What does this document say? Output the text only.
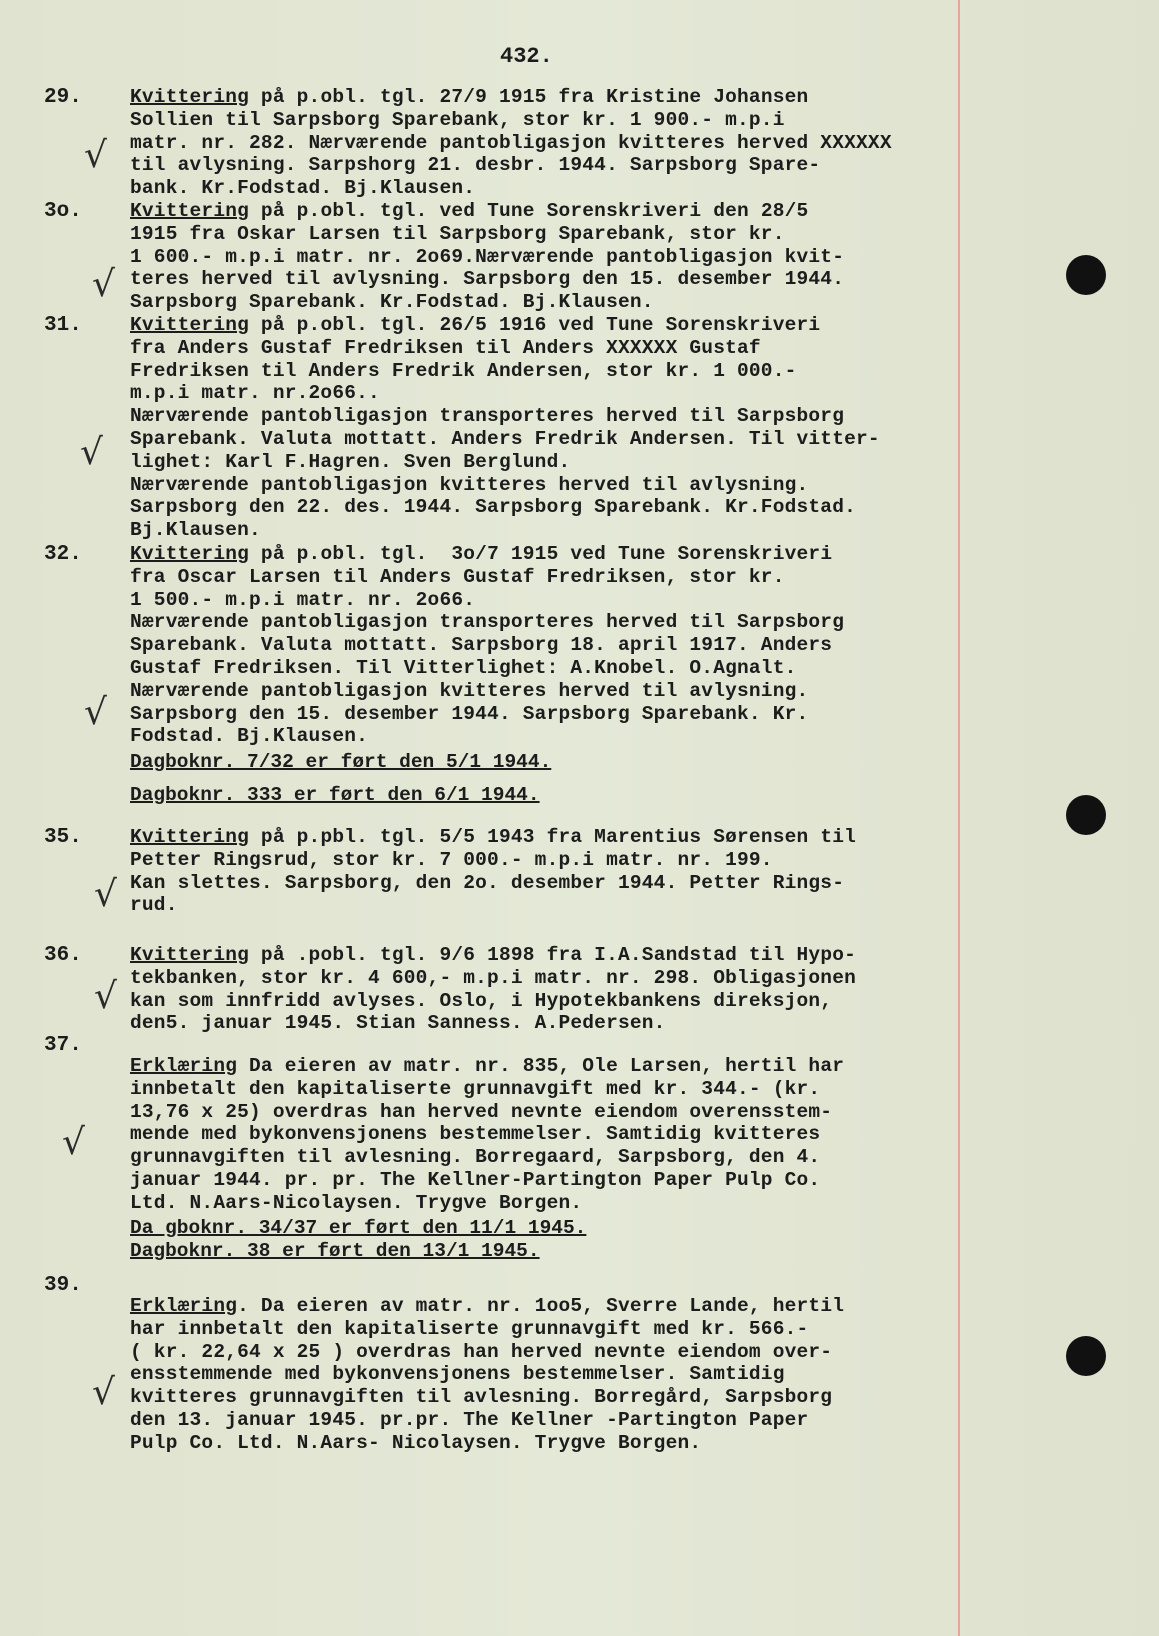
432.
29. Kvittering på p.obl. tgl. 27/9 1915 fra Kristine Johansen
Sollien til Sarpsborg Sparebank, stor kr. 1 900.- m.p.i
matr. nr. 282. Nærværende pantobligasjon kvitteres herved XXXXXX
til avlysning. Sarpshorg 21. desbr. 1944. Sarpsborg Spare-
bank. Kr.Fodstad. Bj.Klausen.
√
3o. Kvittering på p.obl. tgl. ved Tune Sorenskriveri den 28/5
1915 fra Oskar Larsen til Sarpsborg Sparebank, stor kr.
1 600.- m.p.i matr. nr. 2o69.Nærværende pantobligasjon kvit-
teres herved til avlysning. Sarpsborg den 15. desember 1944.
Sarpsborg Sparebank. Kr.Fodstad. Bj.Klausen.
√
31. Kvittering på p.obl. tgl. 26/5 1916 ved Tune Sorenskriveri
fra Anders Gustaf Fredriksen til Anders XXXXXX Gustaf
Fredriksen til Anders Fredrik Andersen, stor kr. 1 000.-
m.p.i matr. nr.2o66..
Nærværende pantobligasjon transporteres herved til Sarpsborg
Sparebank. Valuta mottatt. Anders Fredrik Andersen. Til vitter-
lighet: Karl F.Hagren. Sven Berglund.
Nærværende pantobligasjon kvitteres herved til avlysning.
Sarpsborg den 22. des. 1944. Sarpsborg Sparebank. Kr.Fodstad.
Bj.Klausen.
√
32. Kvittering på p.obl. tgl.  3o/7 1915 ved Tune Sorenskriveri
fra Oscar Larsen til Anders Gustaf Fredriksen, stor kr.
1 500.- m.p.i matr. nr. 2o66.
Nærværende pantobligasjon transporteres herved til Sarpsborg
Sparebank. Valuta mottatt. Sarpsborg 18. april 1917. Anders
Gustaf Fredriksen. Til Vitterlighet: A.Knobel. O.Agnalt.
Nærværende pantobligasjon kvitteres herved til avlysning.
Sarpsborg den 15. desember 1944. Sarpsborg Sparebank. Kr.
Fodstad. Bj.Klausen.
√
Dagboknr. 7/32 er ført den 5/1 1944.
Dagboknr. 333 er ført den 6/1 1944.
35. Kvittering på p.pbl. tgl. 5/5 1943 fra Marentius Sørensen til
Petter Ringsrud, stor kr. 7 000.- m.p.i matr. nr. 199.
Kan slettes. Sarpsborg, den 2o. desember 1944. Petter Rings-
rud.
√
36. Kvittering på .pobl. tgl. 9/6 1898 fra I.A.Sandstad til Hypo-
tekbanken, stor kr. 4 600,- m.p.i matr. nr. 298. Obligasjonen
kan som innfridd avlyses. Oslo, i Hypotekbankens direksjon,
den5. januar 1945. Stian Sanness. A.Pedersen.
√
37.
Erklæring Da eieren av matr. nr. 835, Ole Larsen, hertil har
innbetalt den kapitaliserte grunnavgift med kr. 344.- (kr.
13,76 x 25) overdras han herved nevnte eiendom overensstem-
mende med bykonvensjonens bestemmelser. Samtidig kvitteres
grunnavgiften til avlesning. Borregaard, Sarpsborg, den 4.
januar 1944. pr. pr. The Kellner-Partington Paper Pulp Co.
Ltd. N.Aars-Nicolaysen. Trygve Borgen.
√
Da gboknr. 34/37 er ført den 11/1 1945.
Dagboknr. 38 er ført den 13/1 1945.
39.
Erklæring. Da eieren av matr. nr. 1oo5, Sverre Lande, hertil
har innbetalt den kapitaliserte grunnavgift med kr. 566.-
( kr. 22,64 x 25 ) overdras han herved nevnte eiendom over-
ensstemmende med bykonvensjonens bestemmelser. Samtidig
kvitteres grunnavgiften til avlesning. Borregård, Sarpsborg
den 13. januar 1945. pr.pr. The Kellner -Partington Paper
Pulp Co. Ltd. N.Aars- Nicolaysen. Trygve Borgen.
√
